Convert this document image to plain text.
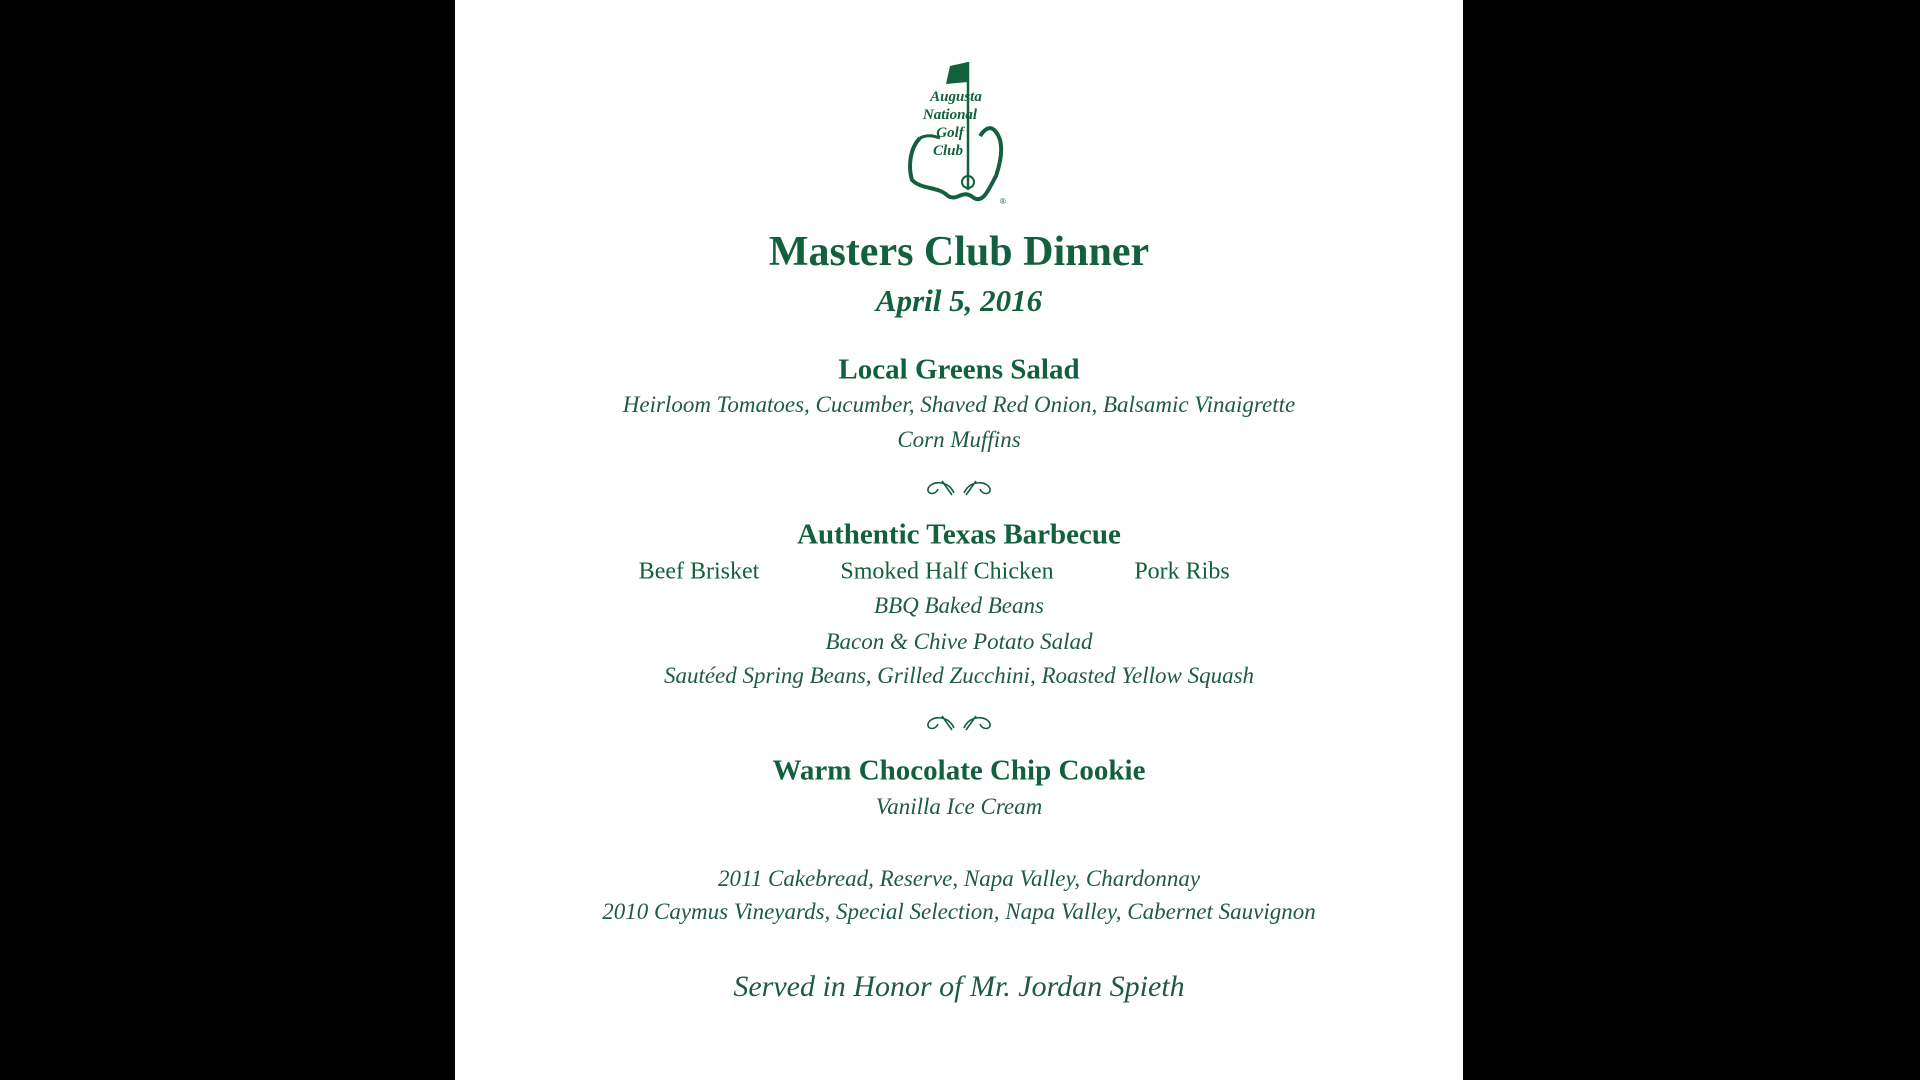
Augusta
National
Golf
Club
®
Masters Club Dinner
April 5, 2016
Local Greens Salad
Heirloom Tomatoes, Cucumber, Shaved Red Onion, Balsamic Vinaigrette
Corn Muffins
Authentic Texas Barbecue
Beef Brisket	Smoked Half Chicken	Pork Ribs
BBQ Baked Beans
Bacon & Chive Potato Salad
Sautéed Spring Beans, Grilled Zucchini, Roasted Yellow Squash
Warm Chocolate Chip Cookie
Vanilla Ice Cream
2011 Cakebread, Reserve, Napa Valley, Chardonnay
2010 Caymus Vineyards, Special Selection, Napa Valley, Cabernet Sauvignon
Served in Honor of Mr. Jordan Spieth
